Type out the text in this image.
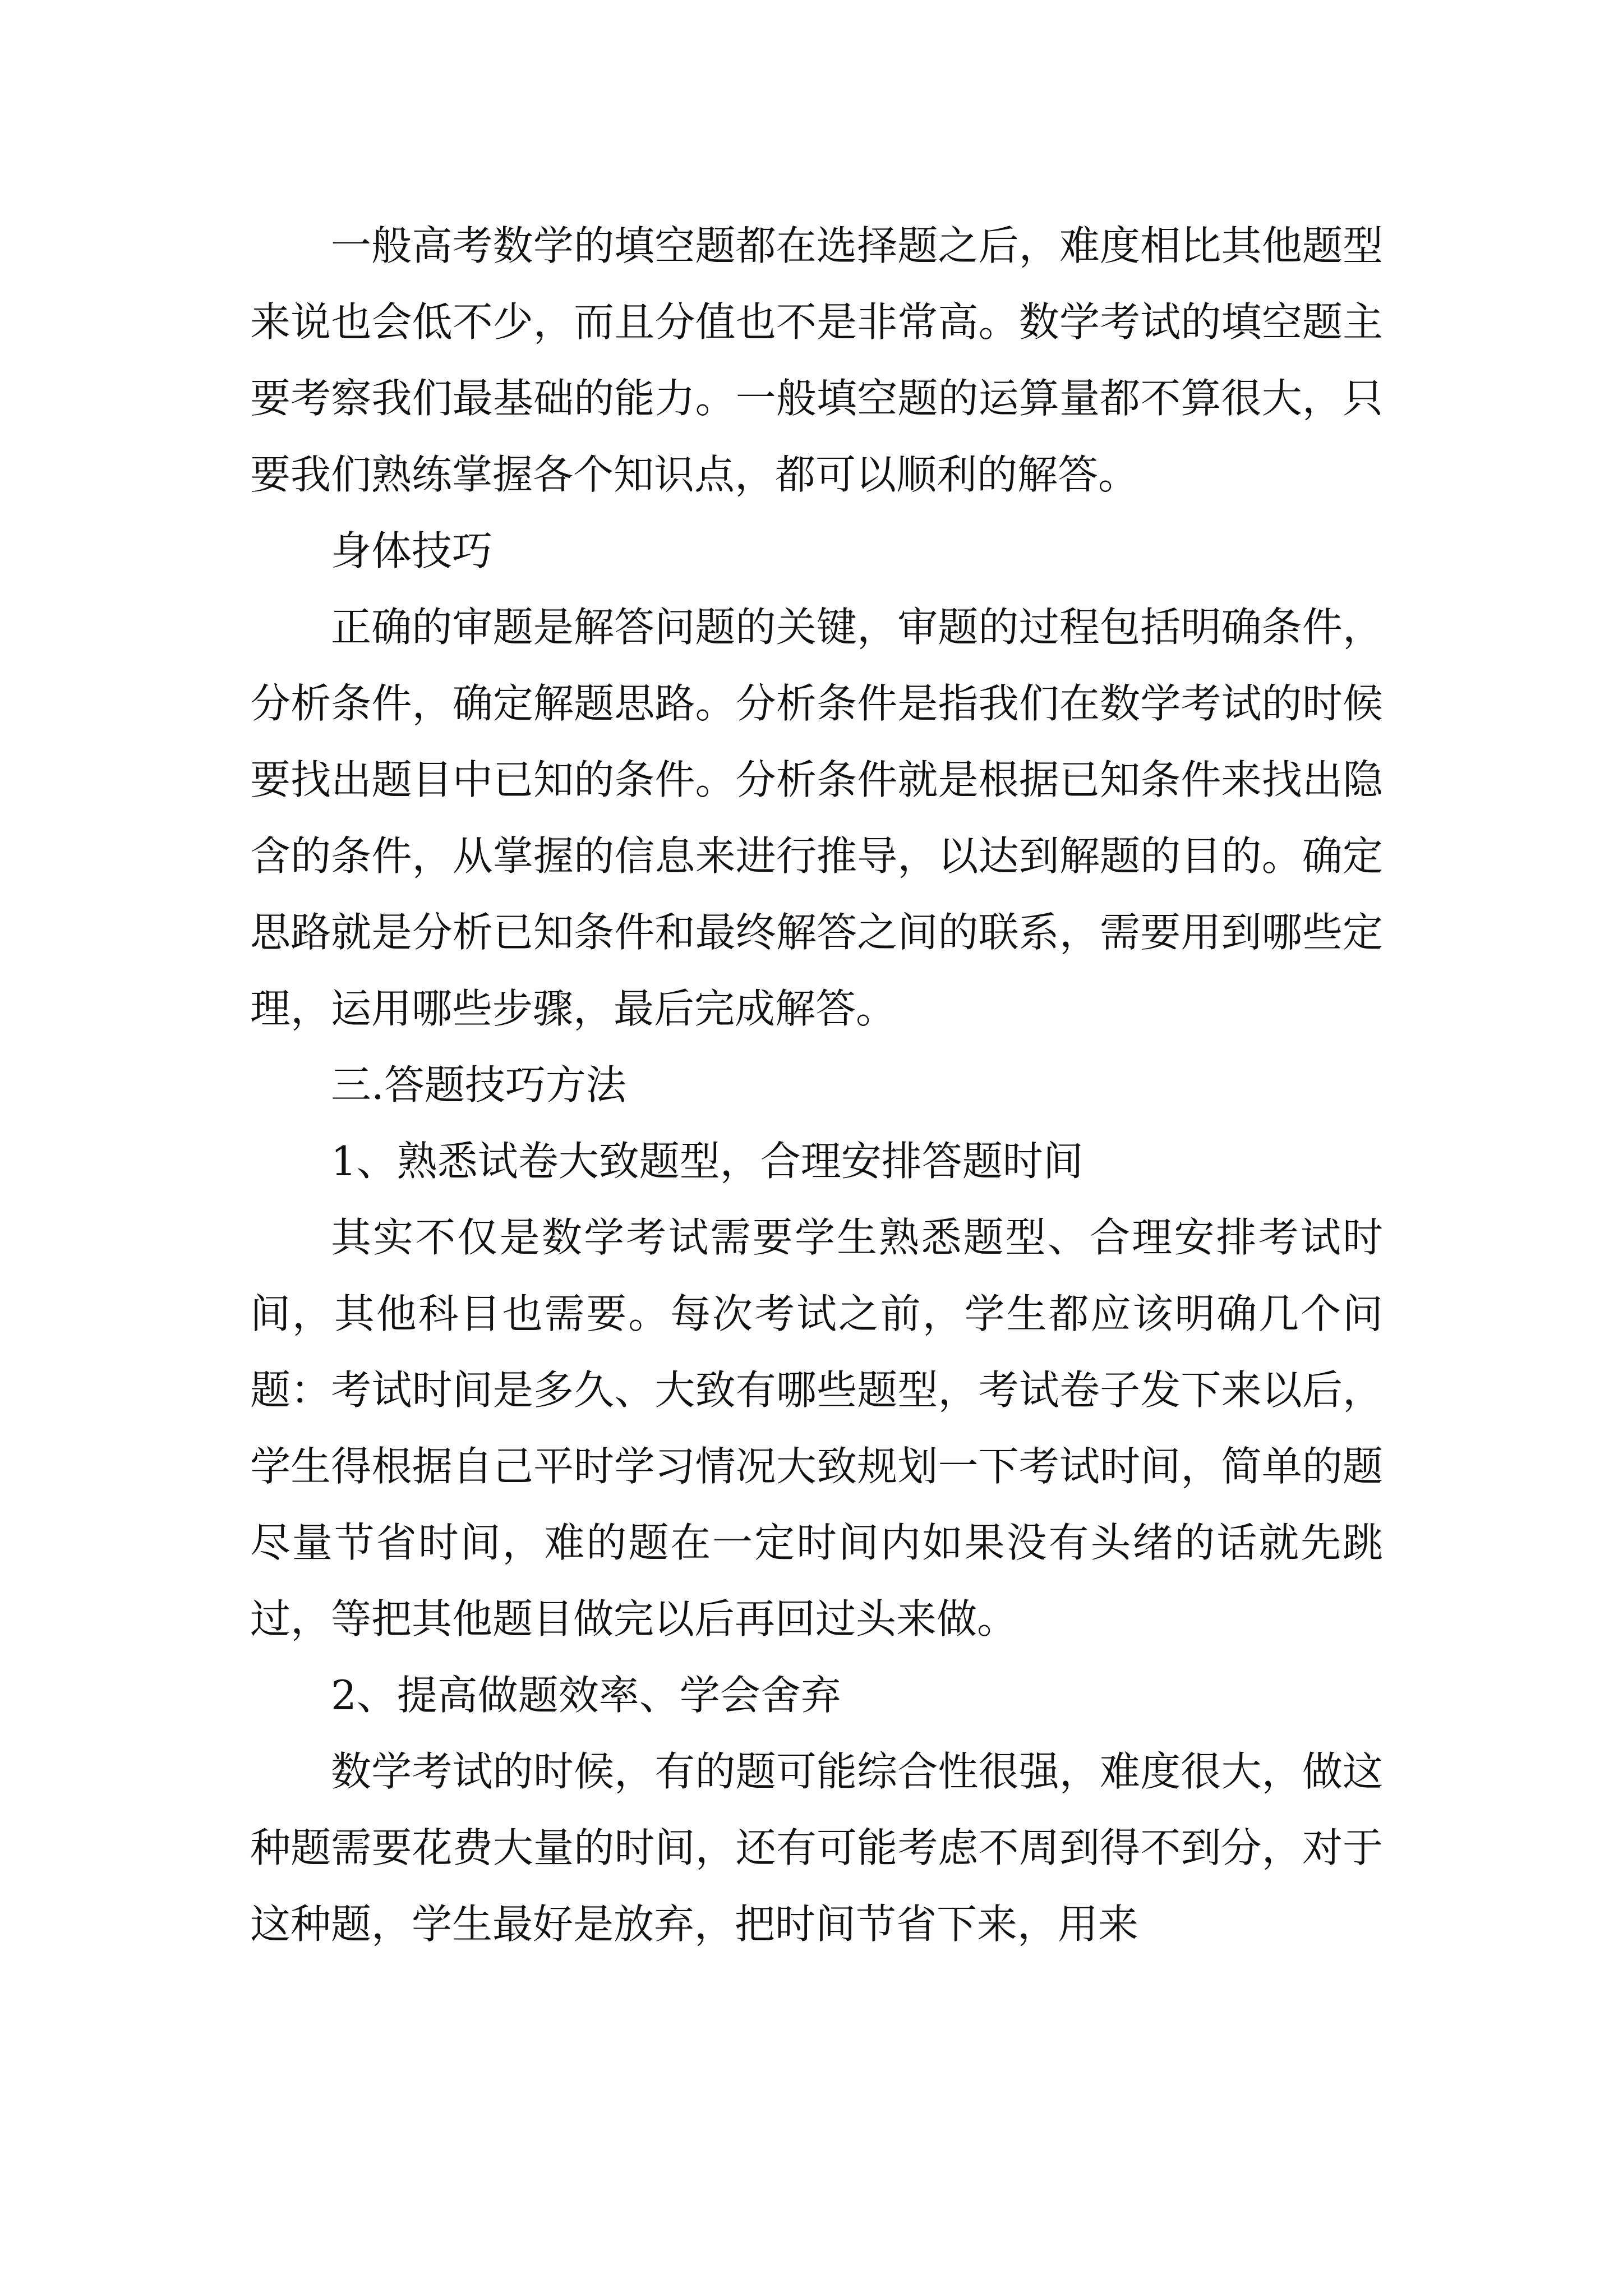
一般高考数学的填空题都在选择题之后，难度相比其他题型来说也会低不少，而且分值也不是非常高。数学考试的填空题主要考察我们最基础的能力。一般填空题的运算量都不算很大，只要我们熟练掌握各个知识点，都可以顺利的解答。

身体技巧

正确的审题是解答问题的关键，审题的过程包括明确条件，分析条件，确定解题思路。分析条件是指我们在数学考试的时候要找出题目中已知的条件。分析条件就是根据已知条件来找出隐含的条件，从掌握的信息来进行推导，以达到解题的目的。确定思路就是分析已知条件和最终解答之间的联系，需要用到哪些定理，运用哪些步骤，最后完成解答。

三.答题技巧方法

1、熟悉试卷大致题型，合理安排答题时间

其实不仅是数学考试需要学生熟悉题型、合理安排考试时间，其他科目也需要。每次考试之前，学生都应该明确几个问题：考试时间是多久、大致有哪些题型，考试卷子发下来以后，学生得根据自己平时学习情况大致规划一下考试时间，简单的题尽量节省时间，难的题在一定时间内如果没有头绪的话就先跳过，等把其他题目做完以后再回过头来做。

2、提高做题效率、学会舍弃

数学考试的时候，有的题可能综合性很强，难度很大，做这种题需要花费大量的时间，还有可能考虑不周到得不到分，对于这种题，学生最好是放弃，把时间节省下来，用来
